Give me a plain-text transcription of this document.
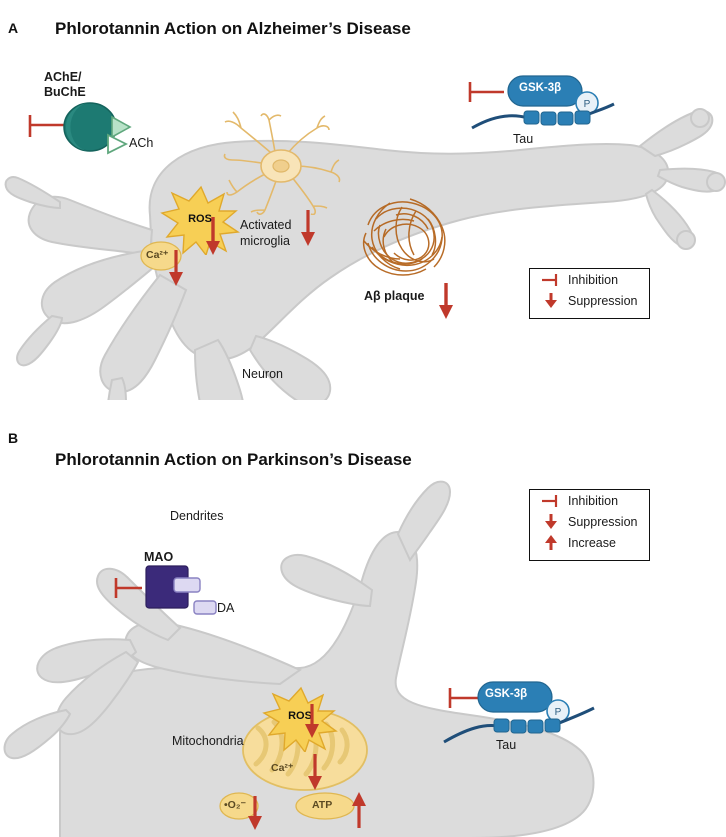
A Phlorotannin Action on Alzheimer’s Disease
AChE/
BuChE
ACh
ROS
Ca²⁺
Activated
microglia
Aβ plaque
Neuron
P
GSK-3β
Tau
Inhibition
Suppression
B
Phlorotannin Action on Parkinson’s Disease
Dendrites
MAO
DA
Mitochondria
ROS
Ca²⁺
•O₂⁻	ATP
P
GSK-3β
Tau
Inhibition
Suppression
Increase
